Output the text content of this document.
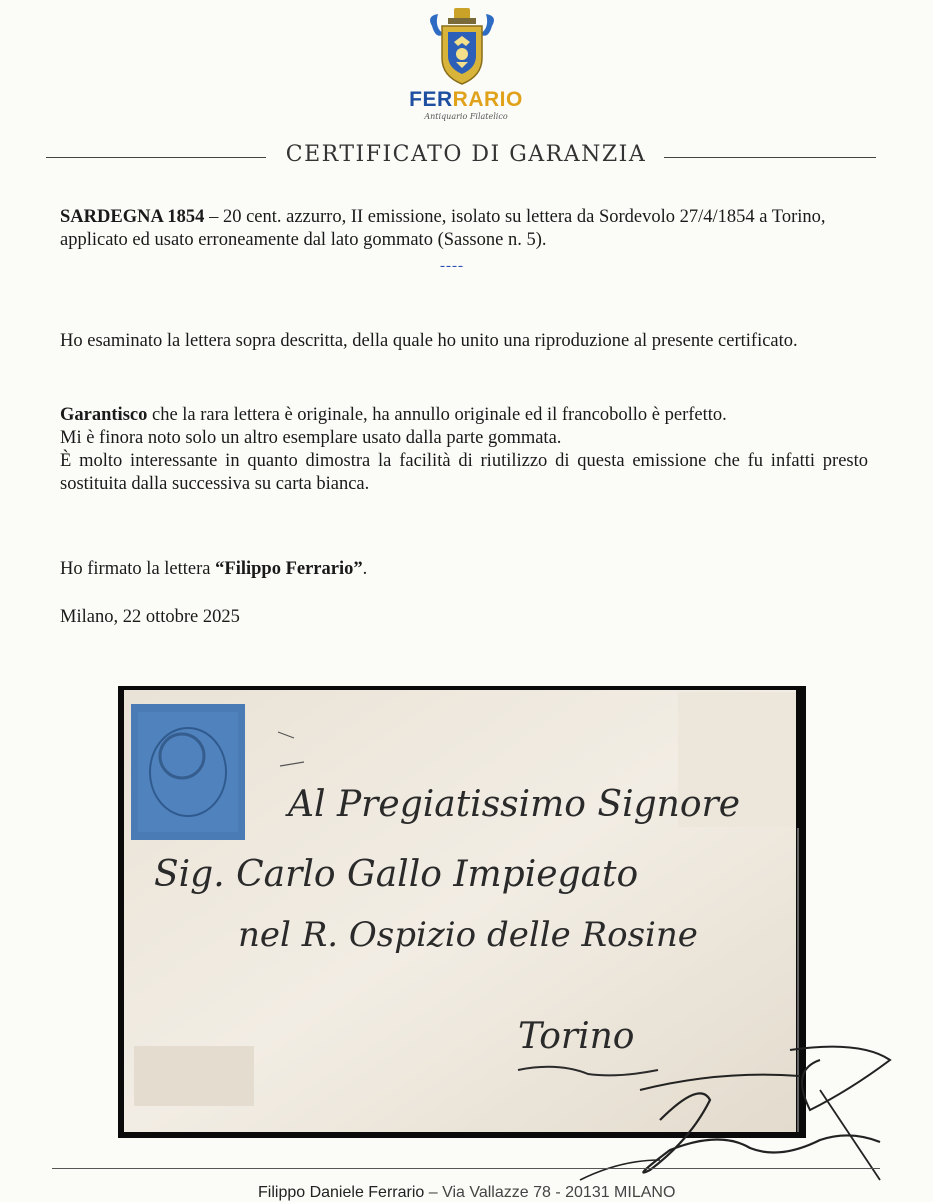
FERRARIO
Antiquario Filatelico
CERTIFICATO DI GARANZIA
SARDEGNA 1854 – 20 cent. azzurro, II emissione, isolato su lettera da Sordevolo 27/4/1854 a Torino, applicato ed usato erroneamente dal lato gommato (Sassone n. 5).
----
Ho esaminato la lettera sopra descritta, della quale ho unito una riproduzione al presente certificato.
Garantisco che la rara lettera è originale, ha annullo originale ed il francobollo è perfetto.
Mi è finora noto solo un altro esemplare usato dalla parte gommata.
È molto interessante in quanto dimostra la facilità di riutilizzo di questa emissione che fu infatti presto sostituita dalla successiva su carta bianca.
Ho firmato la lettera “Filippo Ferrario”.
Milano, 22 ottobre 2025
Al Pregiatissimo Signore
Sig. Carlo Gallo Impiegato
nel R. Ospizio delle Rosine
Torino
Filippo Daniele Ferrario – Via Vallazze 78 - 20131 MILANO
